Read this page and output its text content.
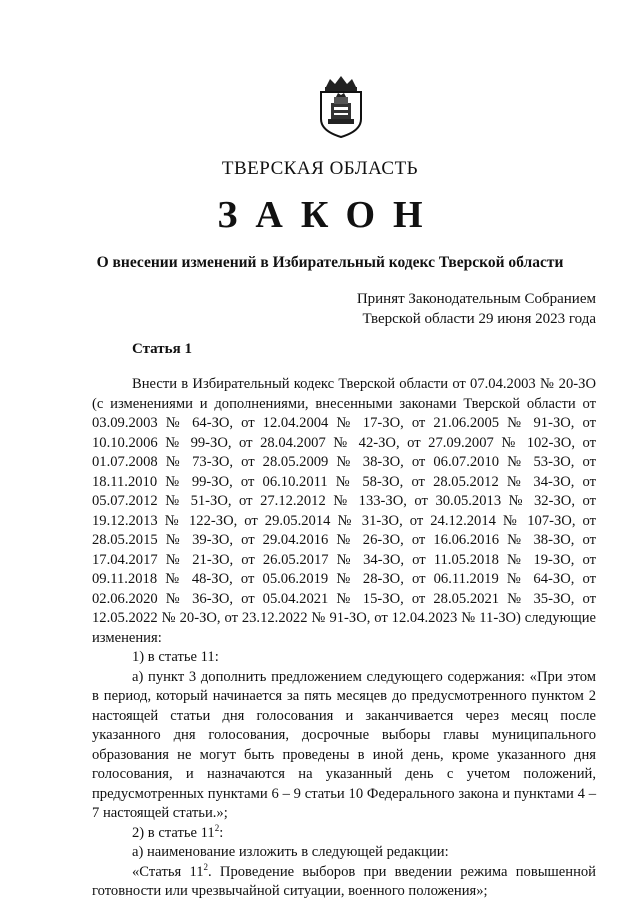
ТВЕРСКАЯ ОБЛАСТЬ
ЗАКОН
О внесении изменений в Избирательный кодекс Тверской области
Принят Законодательным Собранием
Тверской области 29 июня 2023 года
Статья 1

Внести в Избирательный кодекс Тверской области от 07.04.2003 № 20-ЗО (с изменениями и дополнениями, внесенными законами Тверской области от 03.09.2003 № 64-ЗО, от 12.04.2004 № 17-ЗО, от 21.06.2005 № 91-ЗО, от 10.10.2006 № 99-ЗО, от 28.04.2007 № 42-ЗО, от 27.09.2007 № 102-ЗО, от 01.07.2008 № 73-ЗО, от 28.05.2009 № 38-ЗО, от 06.07.2010 № 53-ЗО, от 18.11.2010 № 99-ЗО, от 06.10.2011 № 58-ЗО, от 28.05.2012 № 34-ЗО, от 05.07.2012 № 51-ЗО, от 27.12.2012 № 133-ЗО, от 30.05.2013 № 32-ЗО, от 19.12.2013 № 122-ЗО, от 29.05.2014 № 31-ЗО, от 24.12.2014 № 107-ЗО, от 28.05.2015 № 39-ЗО, от 29.04.2016 № 26-ЗО, от 16.06.2016 № 38-ЗО, от 17.04.2017 № 21-ЗО, от 26.05.2017 № 34-ЗО, от 11.05.2018 № 19-ЗО, от 09.11.2018 № 48-ЗО, от 05.06.2019 № 28-ЗО, от 06.11.2019 № 64-ЗО, от 02.06.2020 № 36-ЗО, от 05.04.2021 № 15-ЗО, от 28.05.2021 № 35-ЗО, от 12.05.2022 № 20-ЗО, от 23.12.2022 № 91-ЗО, от 12.04.2023 № 11-ЗО) следующие изменения:

1) в статье 11:

а) пункт 3 дополнить предложением следующего содержания: «При этом в период, который начинается за пять месяцев до предусмотренного пунктом 2 настоящей статьи дня голосования и заканчивается через месяц после указанного дня голосования, досрочные выборы главы муниципального образования не могут быть проведены в иной день, кроме указанного дня голосования, и назначаются на указанный день с учетом положений, предусмотренных пунктами 6 – 9 статьи 10 Федерального закона и пунктами 4 – 7 настоящей статьи.»;

2) в статье $11^2$:

а) наименование изложить в следующей редакции:

«Статья $11^2$. Проведение выборов при введении режима повышенной готовности или чрезвычайной ситуации, военного положения»;
